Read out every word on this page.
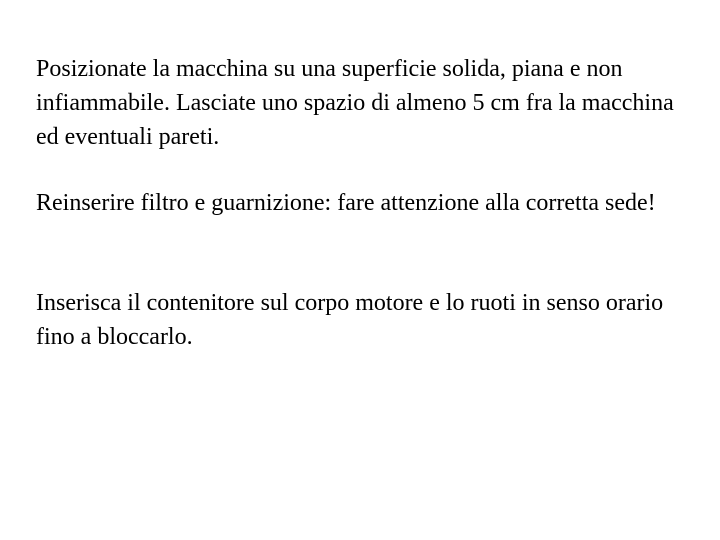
Posizionate la macchina su una superficie solida, piana e non infiammabile. Lasciate uno spazio di almeno 5 cm fra la macchina ed eventuali pareti.

Reinserire filtro e guarnizione: fare attenzione alla corretta sede!

Inserisca il contenitore sul corpo motore e lo ruoti in senso orario fino a bloccarlo.
